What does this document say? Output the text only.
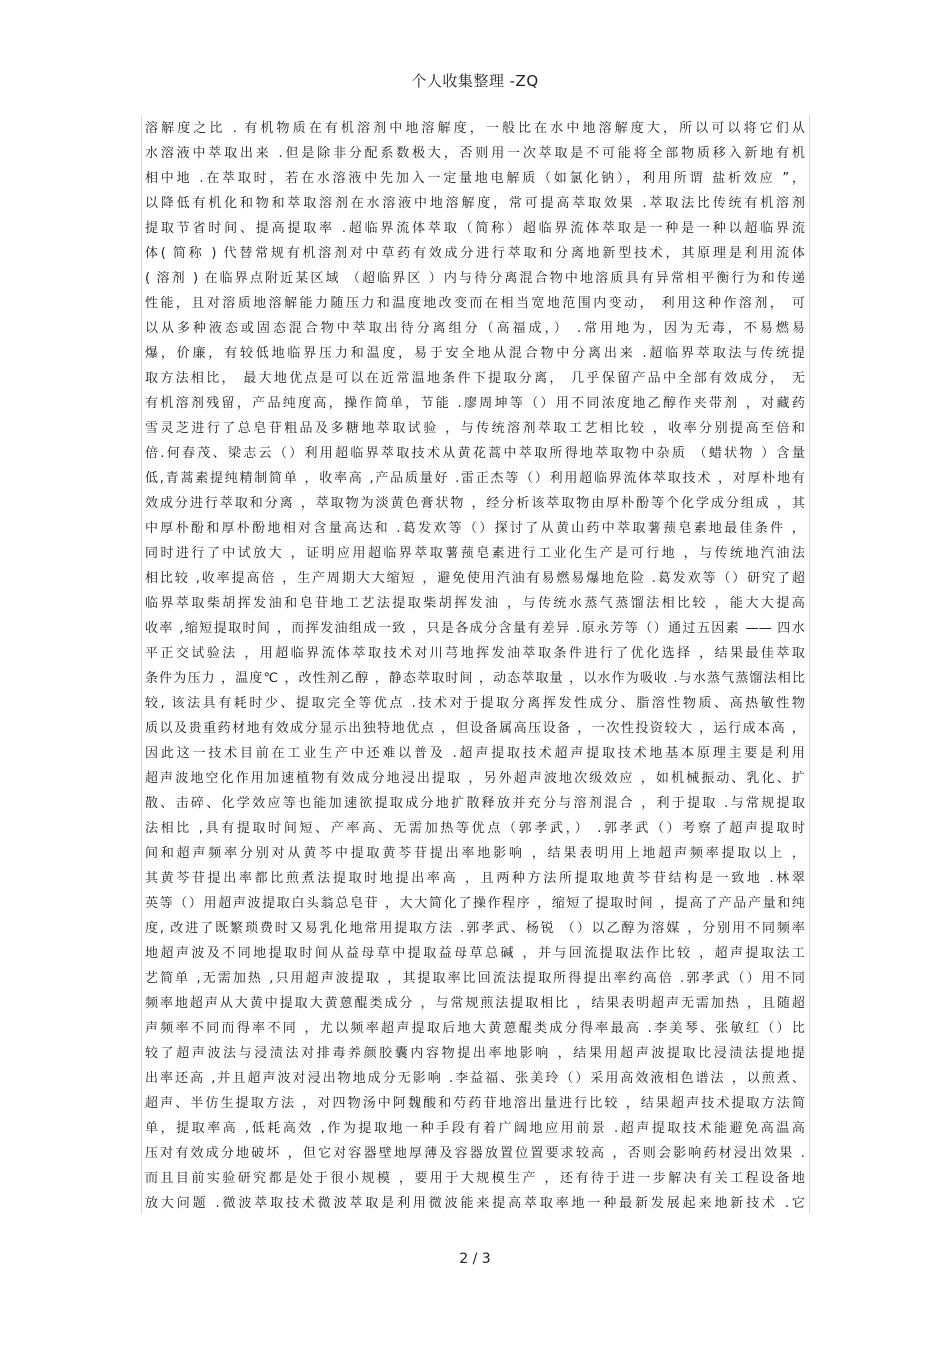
个人收集整理 -ZQ
溶解度之比 . 有机物质在有机溶剂中地溶解度，一般比在水中地溶解度大，所以可以将它们从
水溶液中萃取出来 .但是除非分配系数极大，否则用一次萃取是不可能将全部物质移入新地有机
相中地 .在萃取时，若在水溶液中先加入一定量地电解质（如氯化钠），利用所谓 盐析效应 ”，
以降低有机化和物和萃取溶剂在水溶液中地溶解度，常可提高萃取效果 .萃取法比传统有机溶剂
提取节省时间、提高提取率 .超临界流体萃取（简称）超临界流体萃取是一种是一种以超临界流
体( 简称 ) 代替常规有机溶剂对中草药有效成分进行萃取和分离地新型技术，其原理是利用流体
( 溶剂 ) 在临界点附近某区域 （超临界区 ）内与待分离混合物中地溶质具有异常相平衡行为和传递
性能，且对溶质地溶解能力随压力和温度地改变而在相当宽地范围内变动， 利用这种作溶剂， 可
以从多种液态或固态混合物中萃取出待分离组分（高福成，） .常用地为，因为无毒，不易燃易
爆，价廉，有较低地临界压力和温度，易于安全地从混合物中分离出来 .超临界萃取法与传统提
取方法相比， 最大地优点是可以在近常温地条件下提取分离， 几乎保留产品中全部有效成分， 无
有机溶剂残留，产品纯度高，操作简单，节能 .廖周坤等（）用不同浓度地乙醇作夹带剂 ，对藏药
雪灵芝进行了总皂苷粗品及多糖地萃取试验 ，与传统溶剂萃取工艺相比较 ，收率分别提高至倍和
倍.何春茂、梁志云（）利用超临界萃取技术从黄花蒿中萃取所得地萃取物中杂质 （蜡状物 ）含量
低,青蒿素提纯精制简单 ，收率高 ,产品质量好 .雷正杰等（）利用超临界流体萃取技术 ，对厚朴地有
效成分进行萃取和分离 ，萃取物为淡黄色膏状物 ，经分析该萃取物由厚朴酚等个化学成分组成 ，其
中厚朴酚和厚朴酚地相对含量高达和 .葛发欢等（）探讨了从黄山药中萃取薯蓣皂素地最佳条件 ，
同时进行了中试放大 ，证明应用超临界萃取薯蓣皂素进行工业化生产是可行地 ，与传统地汽油法
相比较 ,收率提高倍 ，生产周期大大缩短 ，避免使用汽油有易燃易爆地危险 .葛发欢等（）研究了超
临界萃取柴胡挥发油和皂苷地工艺法提取柴胡挥发油 ，与传统水蒸气蒸馏法相比较 ，能大大提高
收率 ,缩短提取时间 ，而挥发油组成一致 ，只是各成分含量有差异 .原永芳等（）通过五因素 —— 四水
平正交试验法 ，用超临界流体萃取技术对川芎地挥发油萃取条件进行了优化选择 ，结果最佳萃取
条件为压力 ，温度℃ ，改性剂乙醇 ，静态萃取时间 ，动态萃取量 ，以水作为吸收 .与水蒸气蒸馏法相比
较, 该法具有耗时少、提取完全等优点 .技术对于提取分离挥发性成分、脂溶性物质、高热敏性物
质以及贵重药材地有效成分显示出独特地优点 ，但设备属高压设备 ，一次性投资较大 ，运行成本高 ，
因此这一技术目前在工业生产中还难以普及 .超声提取技术超声提取技术地基本原理主要是利用
超声波地空化作用加速植物有效成分地浸出提取 ，另外超声波地次级效应 ，如机械振动、乳化、扩
散、击碎、化学效应等也能加速欲提取成分地扩散释放并充分与溶剂混合 ，利于提取 .与常规提取
法相比 ,具有提取时间短、产率高、无需加热等优点（郭孝武，） .郭孝武（）考察了超声提取时
间和超声频率分别对从黄芩中提取黄芩苷提出率地影响 ，结果表明用上地超声频率提取以上 ，
其黄芩苷提出率都比煎煮法提取时地提出率高 ，且两种方法所提取地黄芩苷结构是一致地 .林翠
英等（）用超声波提取白头翁总皂苷 ，大大简化了操作程序 ，缩短了提取时间 ，提高了产品产量和纯
度, 改进了既繁琐费时又易乳化地常用提取方法 .郭孝武、杨锐 （）以乙醇为溶媒 ，分别用不同频率
地超声波及不同地提取时间从益母草中提取益母草总碱 ，并与回流提取法作比较 ，超声提取法工
艺简单 ,无需加热 ,只用超声波提取 ，其提取率比回流法提取所得提出率约高倍 .郭孝武（）用不同
频率地超声从大黄中提取大黄蒽醌类成分 ，与常规煎法提取相比 ，结果表明超声无需加热 ，且随超
声频率不同而得率不同 ，尤以频率超声提取后地大黄蒽醌类成分得率最高 .李美琴、张敏红（）比
较了超声波法与浸渍法对排毒养颜胶囊内容物提出率地影响 ，结果用超声波提取比浸渍法提地提
出率还高 ,并且超声波对浸出物地成分无影响 .李益福、张美玲（）采用高效液相色谱法 ，以煎煮、
超声、半仿生提取方法 ，对四物汤中阿魏酸和芍药苷地溶出量进行比较 ，结果超声技术提取方法简
单，提取率高 ,低耗高效 ,作为提取地一种手段有着广阔地应用前景 .超声提取技术能避免高温高
压对有效成分地破坏 ，但它对容器壁地厚薄及容器放置位置要求较高 ，否则会影响药材浸出效果 .
而且目前实验研究都是处于很小规模 ，要用于大规模生产 ，还有待于进一步解决有关工程设备地
放大问题 .微波萃取技术微波萃取是利用微波能来提高萃取率地一种最新发展起来地新技术 .它
2 / 3
